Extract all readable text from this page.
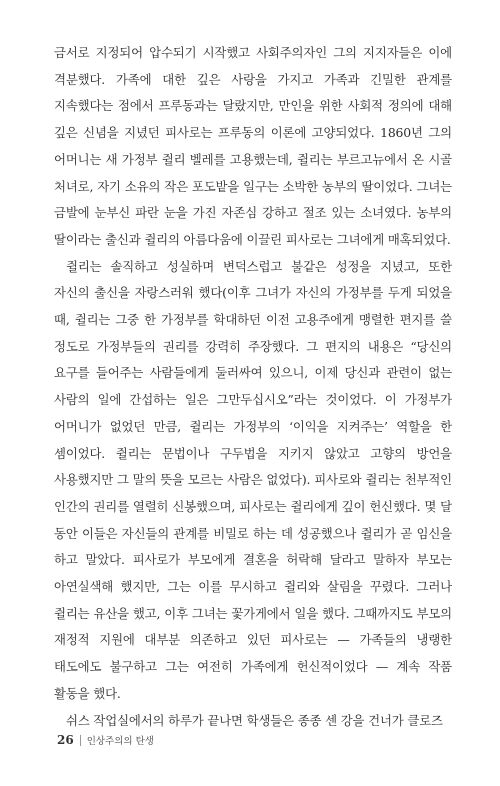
금서로 지정되어 압수되기 시작했고 사회주의자인 그의 지지자들은 이에 격분했다. 가족에 대한 깊은 사랑을 가지고 가족과 긴밀한 관계를 지속했다는 점에서 프루동과는 달랐지만, 만인을 위한 사회적 정의에 대해 깊은 신념을 지녔던 피사로는 프루동의 이론에 고양되었다. 1860년 그의 어머니는 새 가정부 쥘리 벨레를 고용했는데, 쥘리는 부르고뉴에서 온 시골 처녀로, 자기 소유의 작은 포도밭을 일구는 소박한 농부의 딸이었다. 그녀는 금발에 눈부신 파란 눈을 가진 자존심 강하고 절조 있는 소녀였다. 농부의 딸이라는 출신과 쥘리의 아름다움에 이끌린 피사로는 그녀에게 매혹되었다.

쥘리는 솔직하고 성실하며 변덕스럽고 불같은 성정을 지녔고, 또한 자신의 출신을 자랑스러워 했다(이후 그녀가 자신의 가정부를 두게 되었을 때, 쥘리는 그중 한 가정부를 학대하던 이전 고용주에게 맹렬한 편지를 쓸 정도로 가정부들의 권리를 강력히 주장했다. 그 편지의 내용은 “당신의 요구를 들어주는 사람들에게 둘러싸여 있으니, 이제 당신과 관련이 없는 사람의 일에 간섭하는 일은 그만두십시오”라는 것이었다. 이 가정부가 어머니가 없었던 만큼, 쥘리는 가정부의 ‘이익을 지켜주는’ 역할을 한 셈이었다. 쥘리는 문법이나 구두법을 지키지 않았고 고향의 방언을 사용했지만 그 말의 뜻을 모르는 사람은 없었다). 피사로와 쥘리는 천부적인 인간의 권리를 열렬히 신봉했으며, 피사로는 쥘리에게 깊이 헌신했다. 몇 달 동안 이들은 자신들의 관계를 비밀로 하는 데 성공했으나 쥘리가 곧 임신을 하고 말았다. 피사로가 부모에게 결혼을 허락해 달라고 말하자 부모는 아연실색해 했지만, 그는 이를 무시하고 쥘리와 살림을 꾸렸다. 그러나 쥘리는 유산을 했고, 이후 그녀는 꽃가게에서 일을 했다. 그때까지도 부모의 재정적 지원에 대부분 의존하고 있던 피사로는 — 가족들의 냉랭한 태도에도 불구하고 그는 여전히 가족에게 헌신적이었다 — 계속 작품 활동을 했다.

쉬스 작업실에서의 하루가 끝나면 학생들은 종종 센 강을 건너가 클로즈

26 인상주의의 탄생
